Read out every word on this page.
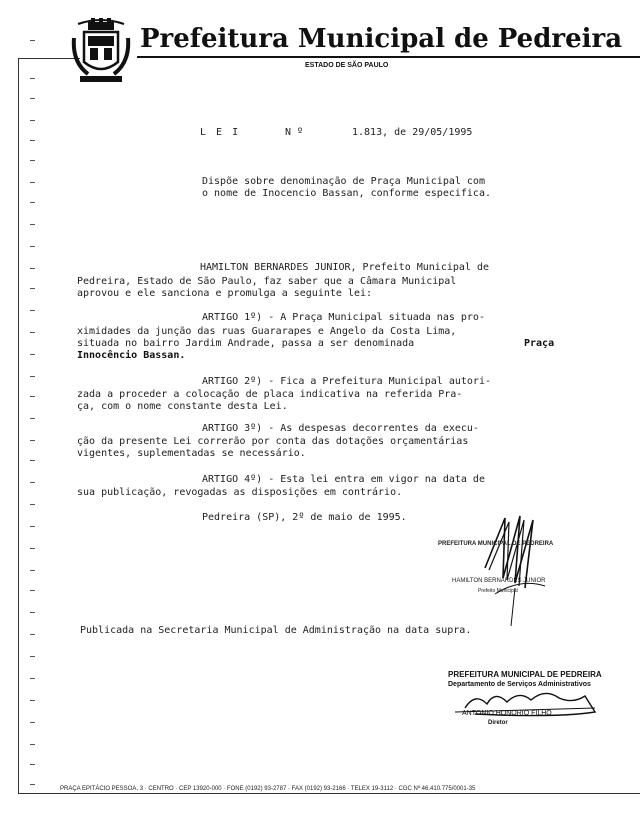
Prefeitura Municipal de Pedreira
ESTADO DE SÃO PAULO
L E I	N º	1.813, de 29/05/1995
Dispõe sobre denominação de Praça Municipal com
o nome de Inocencio Bassan, conforme especifica.
HAMILTON BERNARDES JUNIOR, Prefeito Municipal de
Pedreira, Estado de São Paulo, faz saber que a Câmara Municipal
aprovou e ele sanciona e promulga a seguinte lei:
ARTIGO 1º) - A Praça Municipal situada nas pro-
ximidades da junção das ruas Guararapes e Angelo da Costa Lima,
situada no bairro Jardim Andrade, passa a ser denominada	Praça
Innocêncio Bassan.
ARTIGO 2º) - Fica a Prefeitura Municipal autori-
zada a proceder a colocação de placa indicativa na referida Pra-
ça, com o nome constante desta Lei.
ARTIGO 3º) - As despesas decorrentes da execu-
ção da presente Lei correrão por conta das dotações orçamentárias
vigentes, suplementadas se necessário.
ARTIGO 4º) - Esta lei entra em vigor na data de
sua publicação, revogadas as disposições em contrário.
Pedreira (SP), 2º de maio de 1995.
PREFEITURA MUNICIPAL DE PEDREIRA
HAMILTON BERNARDES JUNIOR
Prefeito Municipal
Publicada na Secretaria Municipal de Administração na data supra.
PREFEITURA MUNICIPAL DE PEDREIRA
Departamento de Serviços Administrativos
ANTONIO HONORIO FILHO
Diretor
PRAÇA EPITÁCIO PESSOA, 3 · CENTRO · CEP 13920-000 · FONE (0192) 93-2787 · FAX (0192) 93-2166 · TELEX 19-3112 · CGC Nº 46.410.775/0001-35
